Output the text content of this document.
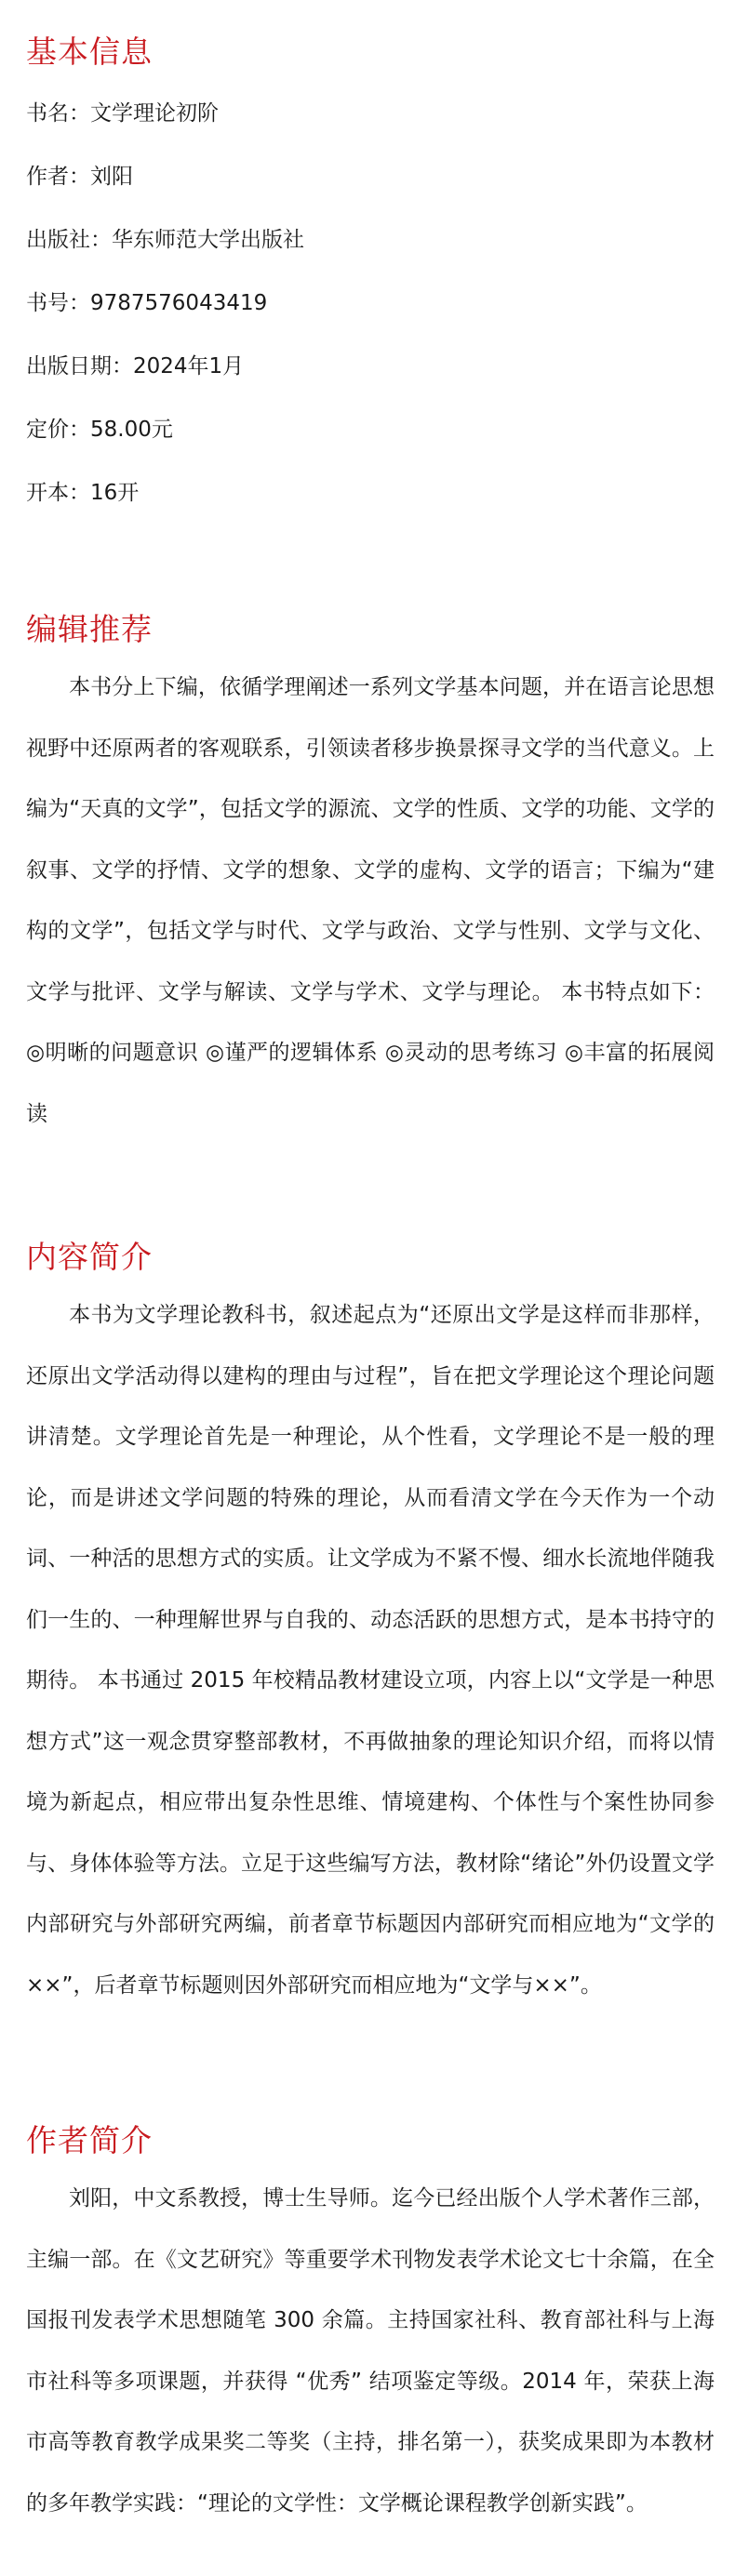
基本信息
书名：文学理论初阶
作者：刘阳
出版社：华东师范大学出版社
书号：9787576043419
出版日期：2024年1月
定价：58.00元
开本：16开
编辑推荐

本书分上下编，依循学理阐述一系列文学基本问题，并在语言论思想视野中还原两者的客观联系，引领读者移步换景探寻文学的当代意义。上编为“天真的文学”，包括文学的源流、文学的性质、文学的功能、文学的叙事、文学的抒情、文学的想象、文学的虚构、文学的语言；下编为“建构的文学”，包括文学与时代、文学与政治、文学与性别、文学与文化、文学与批评、文学与解读、文学与学术、文学与理论。 本书特点如下： ◎明晰的问题意识 ◎谨严的逻辑体系 ◎灵动的思考练习 ◎丰富的拓展阅读

内容简介

本书为文学理论教科书，叙述起点为“还原出文学是这样而非那样，还原出文学活动得以建构的理由与过程”，旨在把文学理论这个理论问题讲清楚。文学理论首先是一种理论，从个性看，文学理论不是一般的理论，而是讲述文学问题的特殊的理论，从而看清文学在今天作为一个动词、一种活的思想方式的实质。让文学成为不紧不慢、细水长流地伴随我们一生的、一种理解世界与自我的、动态活跃的思想方式，是本书持守的期待。 本书通过 2015 年校精品教材建设立项，内容上以“文学是一种思想方式”这一观念贯穿整部教材，不再做抽象的理论知识介绍，而将以情境为新起点，相应带出复杂性思维、情境建构、个体性与个案性协同参与、身体体验等方法。立足于这些编写方法，教材除“绪论”外仍设置文学内部研究与外部研究两编，前者章节标题因内部研究而相应地为“文学的××”，后者章节标题则因外部研究而相应地为“文学与××”。

作者简介

刘阳，中文系教授，博士生导师。迄今已经出版个人学术著作三部，主编一部。在《文艺研究》等重要学术刊物发表学术论文七十余篇，在全国报刊发表学术思想随笔 300 余篇。主持国家社科、教育部社科与上海市社科等多项课题，并获得 “优秀” 结项鉴定等级。2014 年，荣获上海市高等教育教学成果奖二等奖（主持，排名第一），获奖成果即为本教材的多年教学实践：“理论的文学性：文学概论课程教学创新实践”。
